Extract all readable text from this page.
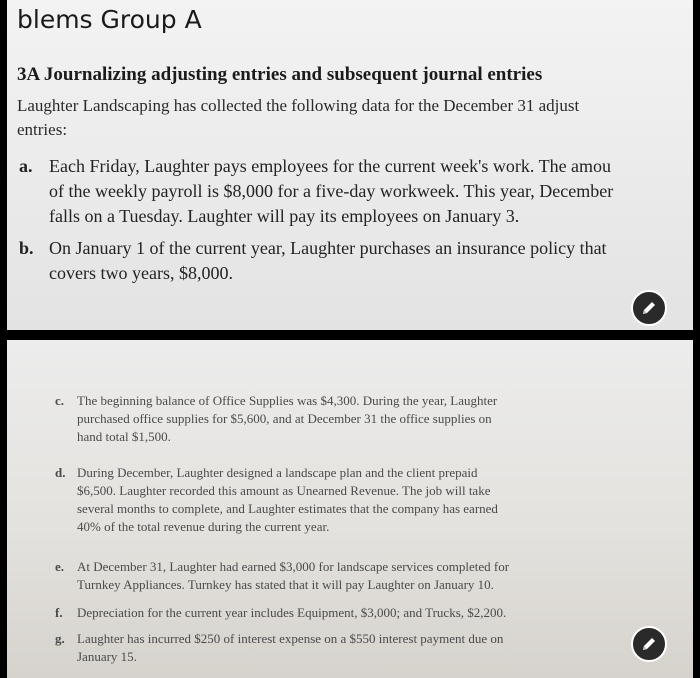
blems Group A
3A Journalizing adjusting entries and subsequent journal entries
Laughter Landscaping has collected the following data for the December 31 adjust
entries:
a. Each Friday, Laughter pays employees for the current week's work. The amou
of the weekly payroll is $8,000 for a five-day workweek. This year, December
falls on a Tuesday. Laughter will pay its employees on January 3.
b. On January 1 of the current year, Laughter purchases an insurance policy that
covers two years, $8,000.
c. The beginning balance of Office Supplies was $4,300. During the year, Laughter
purchased office supplies for $5,600, and at December 31 the office supplies on
hand total $1,500.
d. During December, Laughter designed a landscape plan and the client prepaid
$6,500. Laughter recorded this amount as Unearned Revenue. The job will take
several months to complete, and Laughter estimates that the company has earned
40% of the total revenue during the current year.
e. At December 31, Laughter had earned $3,000 for landscape services completed for
Turnkey Appliances. Turnkey has stated that it will pay Laughter on January 10.
f. Depreciation for the current year includes Equipment, $3,000; and Trucks, $2,200.
g. Laughter has incurred $250 of interest expense on a $550 interest payment due on
January 15.
